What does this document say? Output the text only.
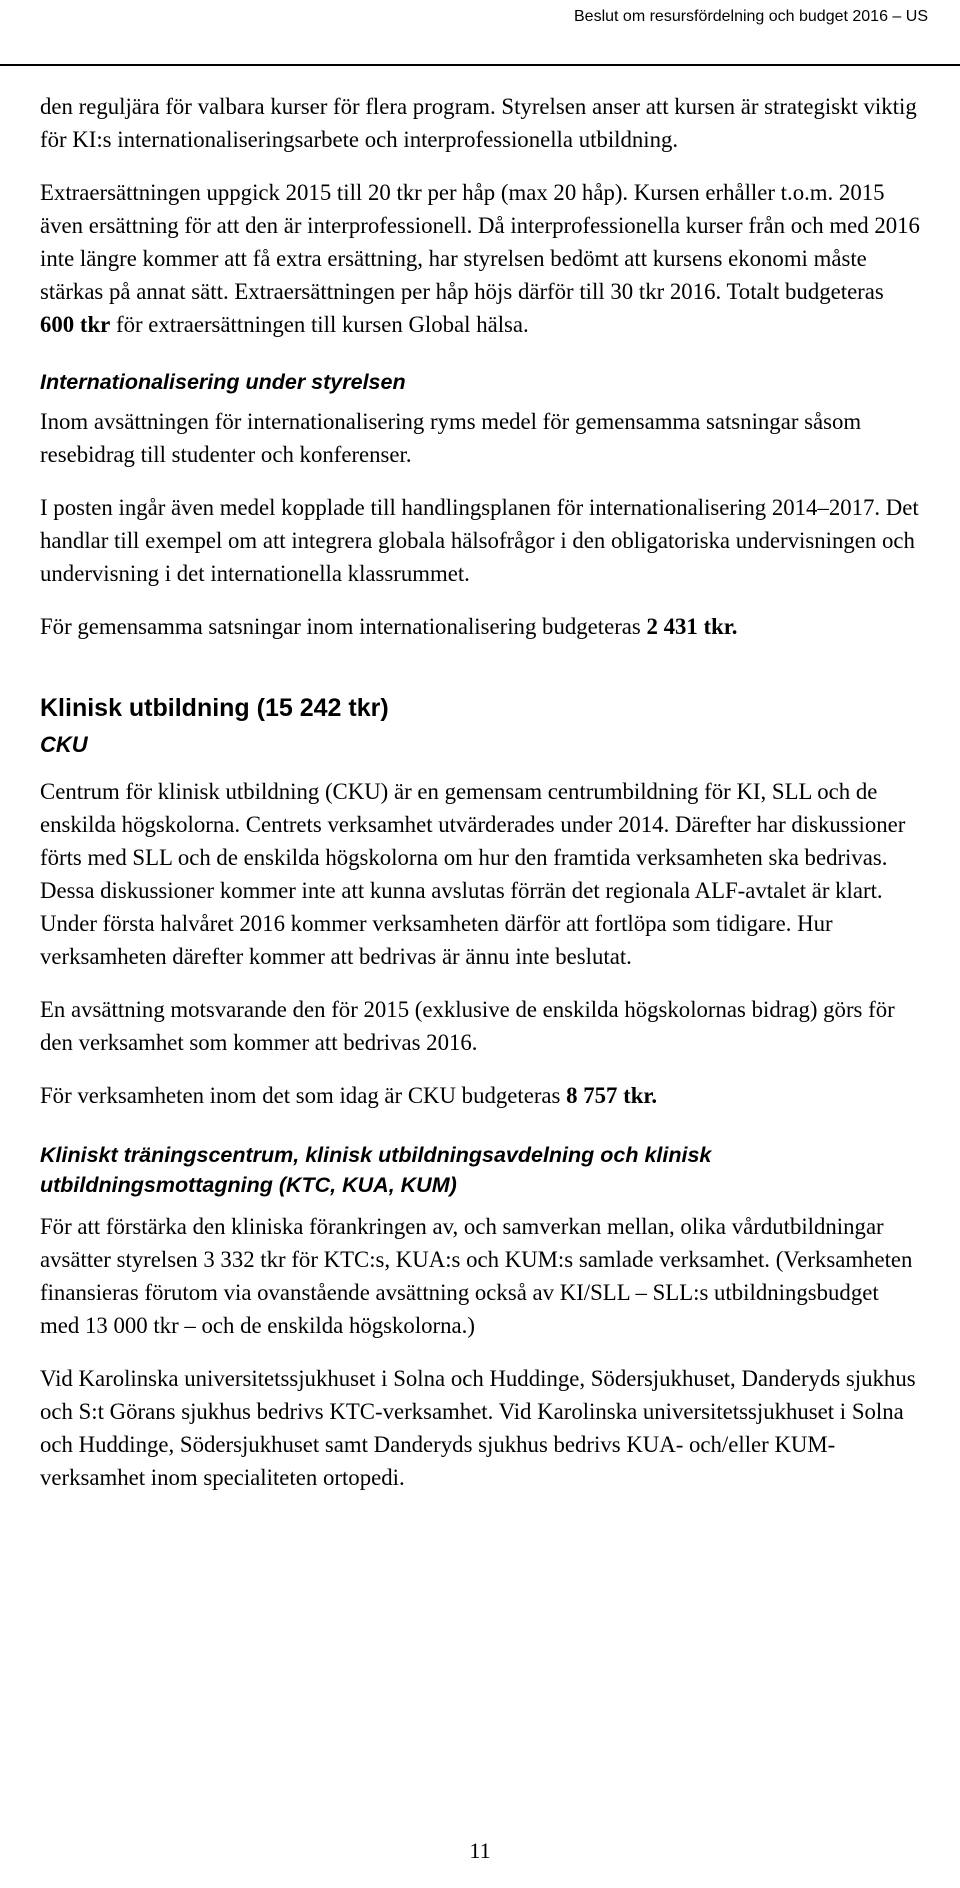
Beslut om resursfördelning och budget 2016 – US

den reguljära för valbara kurser för flera program. Styrelsen anser att kursen är strategiskt viktig för KI:s internationaliseringsarbete och interprofessionella utbildning.

Extraersättningen uppgick 2015 till 20 tkr per håp (max 20 håp). Kursen erhåller t.o.m. 2015 även ersättning för att den är interprofessionell. Då interprofessionella kurser från och med 2016 inte längre kommer att få extra ersättning, har styrelsen bedömt att kursens ekonomi måste stärkas på annat sätt. Extraersättningen per håp höjs därför till 30 tkr 2016. Totalt budgeteras 600 tkr för extraersättningen till kursen Global hälsa.

Internationalisering under styrelsen

Inom avsättningen för internationalisering ryms medel för gemensamma satsningar såsom resebidrag till studenter och konferenser.

I posten ingår även medel kopplade till handlingsplanen för internationalisering 2014–2017. Det handlar till exempel om att integrera globala hälsofrågor i den obligatoriska undervisningen och undervisning i det internationella klassrummet.

För gemensamma satsningar inom internationalisering budgeteras 2 431 tkr.

Klinisk utbildning (15 242 tkr)
CKU

Centrum för klinisk utbildning (CKU) är en gemensam centrumbildning för KI, SLL och de enskilda högskolorna. Centrets verksamhet utvärderades under 2014. Därefter har diskussioner förts med SLL och de enskilda högskolorna om hur den framtida verksamheten ska bedrivas. Dessa diskussioner kommer inte att kunna avslutas förrän det regionala ALF-avtalet är klart. Under första halvåret 2016 kommer verksamheten därför att fortlöpa som tidigare. Hur verksamheten därefter kommer att bedrivas är ännu inte beslutat.

En avsättning motsvarande den för 2015 (exklusive de enskilda högskolornas bidrag) görs för den verksamhet som kommer att bedrivas 2016.

För verksamheten inom det som idag är CKU budgeteras 8 757 tkr.

Kliniskt träningscentrum, klinisk utbildningsavdelning och klinisk utbildningsmottagning (KTC, KUA, KUM)

För att förstärka den kliniska förankringen av, och samverkan mellan, olika vårdutbildningar avsätter styrelsen 3 332 tkr för KTC:s, KUA:s och KUM:s samlade verksamhet. (Verksamheten finansieras förutom via ovanstående avsättning också av KI/SLL – SLL:s utbildningsbudget med 13 000 tkr – och de enskilda högskolorna.)

Vid Karolinska universitetssjukhuset i Solna och Huddinge, Södersjukhuset, Danderyds sjukhus och S:t Görans sjukhus bedrivs KTC-verksamhet. Vid Karolinska universitetssjukhuset i Solna och Huddinge, Södersjukhuset samt Danderyds sjukhus bedrivs KUA- och/eller KUM-verksamhet inom specialiteten ortopedi.

11
